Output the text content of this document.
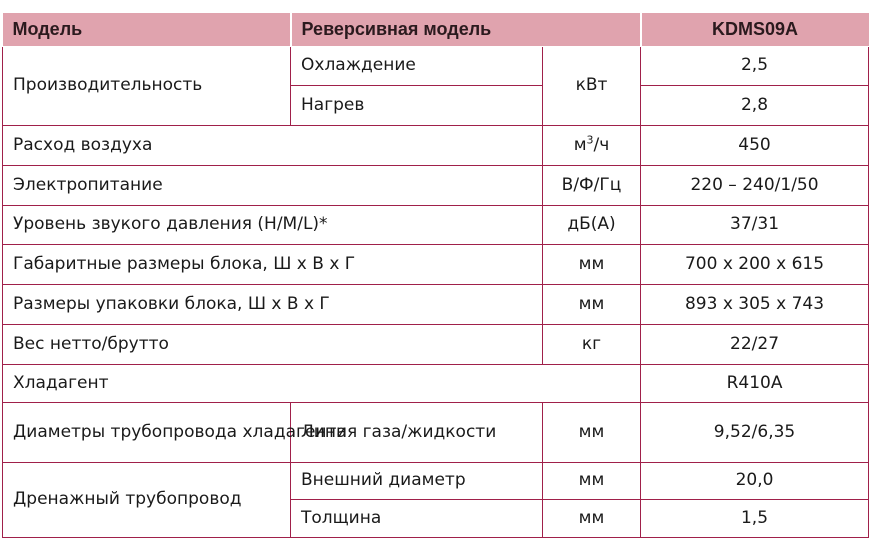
Модель	Реверсивная модель		KDMS09A
Производительность	Охлаждение	кВт	2,5
	Нагрев		2,8
Расход воздуха		$м^3/ч$	450
Электропитание		В/Ф/Гц	220 – 240/1/50
Уровень звукого давления (H/M/L)*		дБ(А)	37/31
Габаритные размеры блока, Ш х В х Г		мм	700 х 200 х 615
Размеры упаковки блока, Ш х В х Г		мм	893 х 305 х 743
Вес нетто/брутто		кг	22/27
Хладагент			R410A
Диаметры трубопровода хладагента	Линия газа/жидкости	мм	9,52/6,35
Дренажный трубопровод	Внешний диаметр	мм	20,0
	Толщина	мм	1,5
